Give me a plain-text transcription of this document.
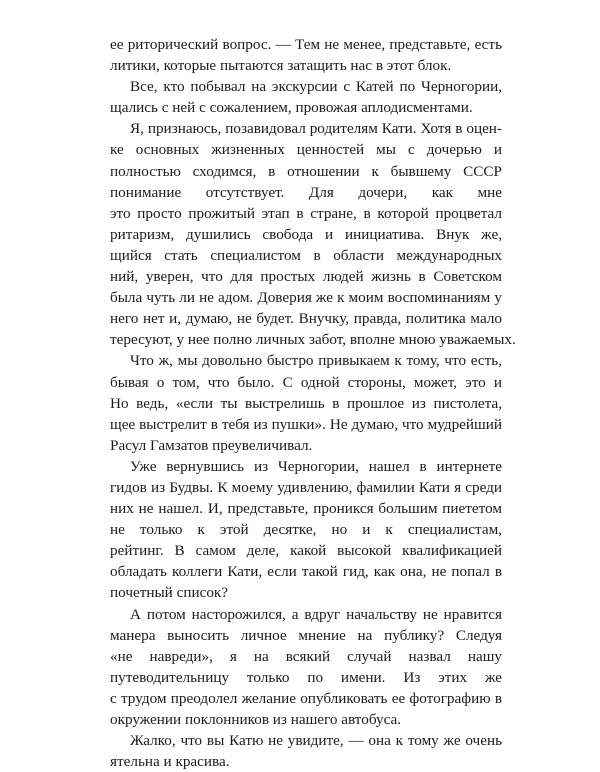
ее риторический вопрос. — Тем не менее, представьте, есть
литики, которые пытаются затащить нас в этот блок.

Все, кто побывал на экскурсии с Катей по Черногории,
щались с ней с сожалением, провожая аплодисментами.

Я, признаюсь, позавидовал родителям Кати. Хотя в оцен-
ке основных жизненных ценностей мы с дочерью и
полностью сходимся, в отношении к бывшему СССР
понимание отсутствует. Для дочери, как мне
это просто прожитый этап в стране, в которой процветал
ритаризм, душились свобода и инициатива. Внук же,
щийся стать специалистом в области международных
ний, уверен, что для простых людей жизнь в Советском
была чуть ли не адом. Доверия же к моим воспоминаниям у
него нет и, думаю, не будет. Внучку, правда, политика мало
тересуют, у нее полно личных забот, вполне мною уважаемых.

Что ж, мы довольно быстро привыкаем к тому, что есть,
бывая о том, что было. С одной стороны, может, это и
Но ведь, «если ты выстрелишь в прошлое из пистолета,
щее выстрелит в тебя из пушки». Не думаю, что мудрейший
Расул Гамзатов преувеличивал.

Уже вернувшись из Черногории, нашел в интернете
гидов из Будвы. К моему удивлению, фамилии Кати я среди
них не нашел. И, представьте, проникся большим пиететом
не только к этой десятке, но и к специалистам,
рейтинг. В самом деле, какой высокой квалификацией
обладать коллеги Кати, если такой гид, как она, не попал в
почетный список?

А потом насторожился, а вдруг начальству не нравится
манера выносить личное мнение на публику? Следуя
«не навреди», я на всякий случай назвал нашу
путеводительницу только по имени. Из этих же
с трудом преодолел желание опубликовать ее фотографию в
окружении поклонников из нашего автобуса.

Жалко, что вы Катю не увидите, — она к тому же очень
ятельна и красива.
